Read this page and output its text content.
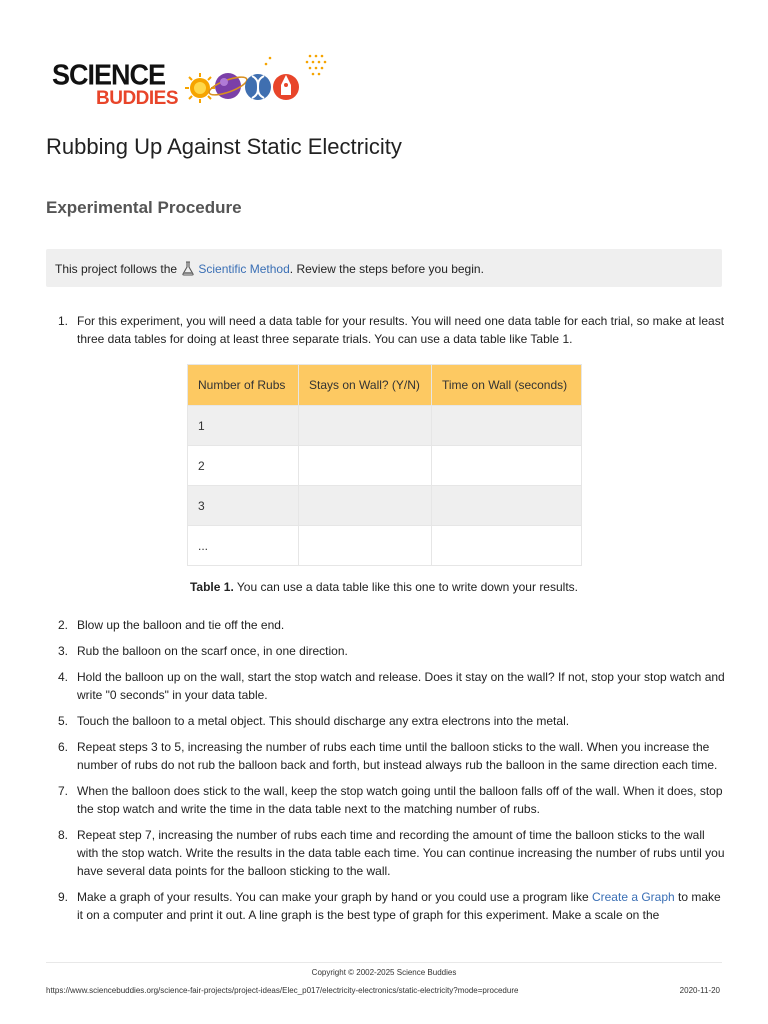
SCIENCE
BUDDIES
Rubbing Up Against Static Electricity
Experimental Procedure
This project follows the Scientific Method. Review the steps before you begin.
1. For this experiment, you will need a data table for your results. You will need one data table for each trial, so make at least three data tables for doing at least three separate trials. You can use a data table like Table 1.
Number of Rubs	Stays on Wall? (Y/N)	Time on Wall (seconds)
1		
2		
3		
...		
Table 1. You can use a data table like this one to write down your results.
2. Blow up the balloon and tie off the end.
3. Rub the balloon on the scarf once, in one direction.
4. Hold the balloon up on the wall, start the stop watch and release. Does it stay on the wall? If not, stop your stop watch and write "0 seconds" in your data table.
5. Touch the balloon to a metal object. This should discharge any extra electrons into the metal.
6. Repeat steps 3 to 5, increasing the number of rubs each time until the balloon sticks to the wall. When you increase the number of rubs do not rub the balloon back and forth, but instead always rub the balloon in the same direction each time.
7. When the balloon does stick to the wall, keep the stop watch going until the balloon falls off of the wall. When it does, stop the stop watch and write the time in the data table next to the matching number of rubs.
8. Repeat step 7, increasing the number of rubs each time and recording the amount of time the balloon sticks to the wall with the stop watch. Write the results in the data table each time. You can continue increasing the number of rubs until you have several data points for the balloon sticking to the wall.
9. Make a graph of your results. You can make your graph by hand or you could use a program like Create a Graph to make it on a computer and print it out. A line graph is the best type of graph for this experiment. Make a scale on the
Copyright © 2002-2025 Science Buddies
https://www.sciencebuddies.org/science-fair-projects/project-ideas/Elec_p017/electricity-electronics/static-electricity?mode=procedure	2020-11-20
